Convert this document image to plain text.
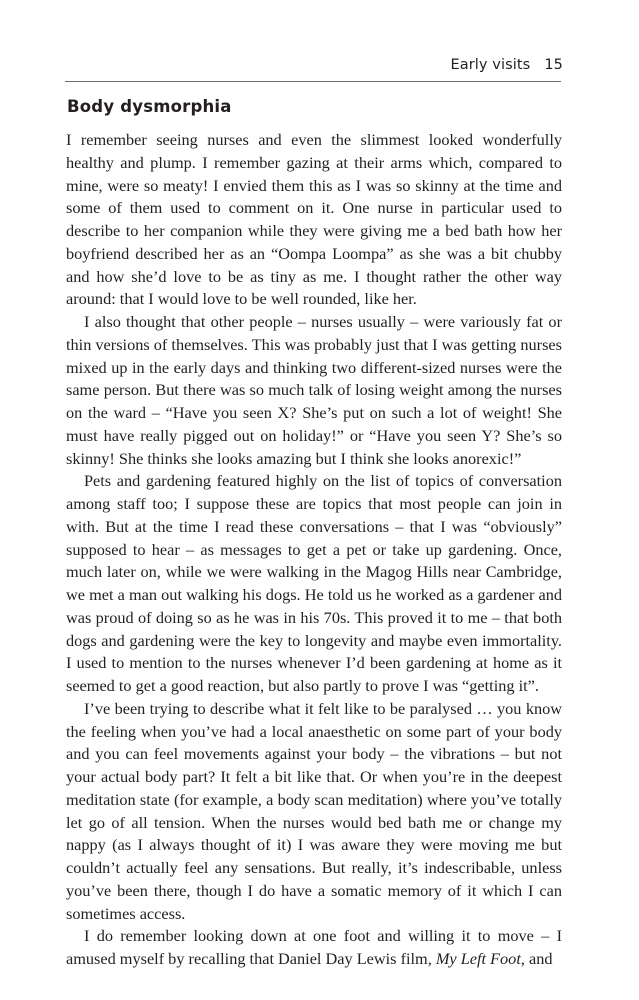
Early visits 15
Body dysmorphia

I remember seeing nurses and even the slimmest looked wonderfully healthy and plump. I remember gazing at their arms which, compared to mine, were so meaty! I envied them this as I was so skinny at the time and some of them used to comment on it. One nurse in particular used to describe to her companion while they were giving me a bed bath how her boyfriend described her as an “Oompa Loompa” as she was a bit chubby and how she’d love to be as tiny as me. I thought rather the other way around: that I would love to be well rounded, like her.

I also thought that other people – nurses usually – were variously fat or thin versions of themselves. This was probably just that I was getting nurses mixed up in the early days and thinking two different-sized nurses were the same person. But there was so much talk of losing weight among the nurses on the ward – “Have you seen X? She’s put on such a lot of weight! She must have really pigged out on holiday!” or “Have you seen Y? She’s so skinny! She thinks she looks amazing but I think she looks anorexic!”

Pets and gardening featured highly on the list of topics of conversation among staff too; I suppose these are topics that most people can join in with. But at the time I read these conversations – that I was “obviously” supposed to hear – as messages to get a pet or take up gardening. Once, much later on, while we were walking in the Magog Hills near Cambridge, we met a man out walking his dogs. He told us he worked as a gardener and was proud of doing so as he was in his 70s. This proved it to me – that both dogs and gardening were the key to longevity and maybe even immortality. I used to mention to the nurses whenever I’d been gardening at home as it seemed to get a good reaction, but also partly to prove I was “getting it”.

I’ve been trying to describe what it felt like to be paralysed … you know the feeling when you’ve had a local anaesthetic on some part of your body and you can feel movements against your body – the vibrations – but not your actual body part? It felt a bit like that. Or when you’re in the deepest meditation state (for example, a body scan meditation) where you’ve totally let go of all tension. When the nurses would bed bath me or change my nappy (as I always thought of it) I was aware they were moving me but couldn’t actually feel any sensations. But really, it’s indescribable, unless you’ve been there, though I do have a somatic memory of it which I can sometimes access.

I do remember looking down at one foot and willing it to move – I amused myself by recalling that Daniel Day Lewis film, My Left Foot, and
